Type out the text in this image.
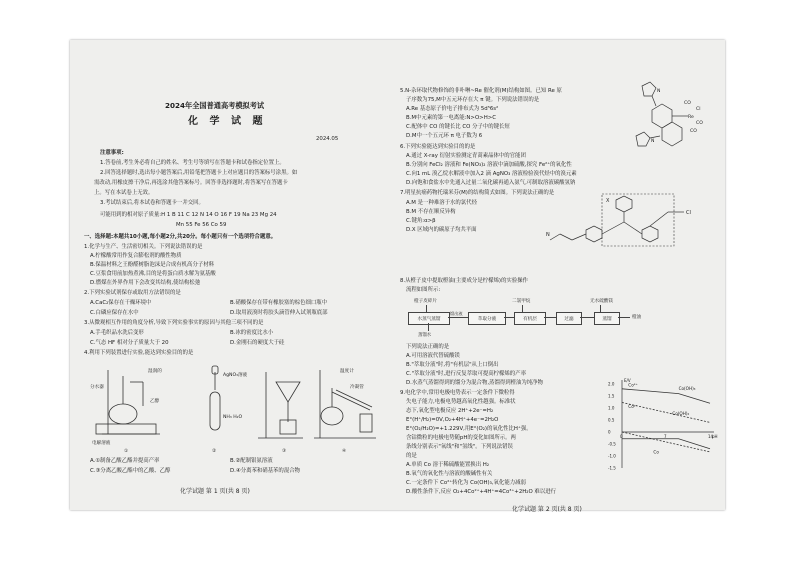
2024年全国普通高考模拟考试
化 学 试 题
2024.05
注意事项:
1.答卷前,考生务必将自己的姓名、考生号等填写在答题卡和试卷指定位置上。
2.回答选择题时,选出每小题答案后,用铅笔把答题卡上对应题目的答案标号涂黑。如
需改动,用橡皮擦干净后,再选涂其他答案标号。回答非选择题时,将答案写在答题卡
上。写在本试卷上无效。
3.考试结束后,将本试卷和答题卡一并交回。
可能用到的相对原子质量:H 1 B 11 C 12 N 14 O 16 F 19 Na 23 Mg 24
Mn 55 Fe 56 Co 59
一、选择题:本题共10小题,每小题2分,共20分。每小题只有一个选项符合题意。
1.化学与生产、生活密切相关。下列说法错误的是
A.柠檬酸常用作复合膨松剂的酸性物质
B.保温材料之王酚醛树脂泡沫是合成有机高分子材料
C.豆浆食用前加热煮沸,目的是将蛋白质水解为氨基酸
D.燃煤在外界作用下会改变其结构,使结构松弛
2.下列实验试剂保存或取用方法错误的是
A.CaC₂保存在干燥环境中	B.硝酸保存在带有橡胶塞的棕色细口瓶中
C.白磷应保存在水中	D.取用液溴时将胶头滴管伸入试剂瓶底部
3.从微观相互作用的角度分析,导致下列实验事实的原因与其他三项不同的是
A.手毛织品水洗后变形	B.冰的密度比水小
C.气态 HF 相对分子质量大于 20	D.金刚石的硬度大于硅
4.利用下列装置进行实验,能达到实验目的的是
分水器
湿润的
AgNO₃溶液
NH₃ H₂O
温度计
冷凝管
乙醇
电解溶液
①	②	③	④
A.①制备乙酸乙酯并提高产率	B.②配制银氨溶液
C.③分离乙酸乙酯中的乙酸、乙醇	D.④分离苯和硝基苯的混合物
化学试题 第 1 页(共 8 页)
5.N-杂环取代物修饰的非卟啉~Re 催化剂(M)结构如图。已知 Re 原
子序数为75,M中五元环存在大 π 键。下列说法错误的是
A.Re 基态原子价电子排布式为 5d⁵6s²
B.M中元素的第一电离能:N>O>H>C
C.配体中 CO 的键长比 CO 分子中的键长短
D.M中一个五元环 π 电子数为 6
Re
Cl
CO
CO
CO
N
N
6.下列实验能达到实验目的的是
A.通过 X-ray 衍射实验测定青蒿素晶体中的官能团
B.分别向 FeCl₂ 溶液和 Fe(NO₃)₂ 溶液中滴加硫酸,探究 Fe²⁺的氧化性
C.向1 mL 溴乙烷水解液中加入2 滴 AgNO₃ 溶液检验溴代烃中的溴元素
D.向饱和食盐水中先通入过量二氧化碳再通入氨气,可制取溶液碳酸氢钠
7.明星抗癌药物托瑞米芬(M)的结构简式如图。下列说法正确的是
A.M 是一种难溶于水的氯代烃
B.M 不存在顺反异构
C.键角:α>β
D.X 区域内的碳原子均共平面
X
Cl
N
8.从橙子皮中提取橙油(主要成分是柠檬烯)的实验操作
流程如图所示:
橙子皮碎片	二氯甲烷	无水硫酸镁
水蒸气蒸馏
馏出液
萃取分液	有机层	过滤	蒸馏	橙油
蒸馏水
下列说法正确的是
A.可用溶液代替硫酸镁
B."萃取分液"时,将"有机层"从上口倒出
C."萃取分液"时,进行反复萃取可提高柠檬烯的产率
D.水蒸气蒸馏得到的馏分为混合物,蒸馏得到橙油为纯净物
9.电化学中,常用电极电势表示一定条件下微粒得
失电子能力,电极电势越高氧化性越强。标准状
态下,氧化型电极反应 2H⁺+2e⁻=H₂
E°(H⁺/H₂)=0V,O₂+4H⁺+4e⁻=2H₂O
E°(O₂/H₂O)=+1.229V,用E°(O₂)的氧化性比H⁺强。
含钴微粒的电极电势随pH的变化如图所示。两
条线分别表示"氧线"和"氢线"。下列说法错误
的是
A.单质 Co 溶于稀硫酸能置换出 H₂
B.氧气的氧化性与溶液的酸碱性有关
C.一定条件下 Co²⁺转化为 Co(OH)₃,氧化能力减弱
D.酸性条件下,反应 O₂+4Co²⁺+4H⁺=4Co³⁺+2H₂O 难以进行
E/V
pH
2.0
1.5
1.0
0.5
0
-0.5
-1.0
-1.5
0	7	14
Co³⁺
Co²⁺
Co(OH)₃
Co(OH)₂
Co
化学试题 第 2 页(共 8 页)
